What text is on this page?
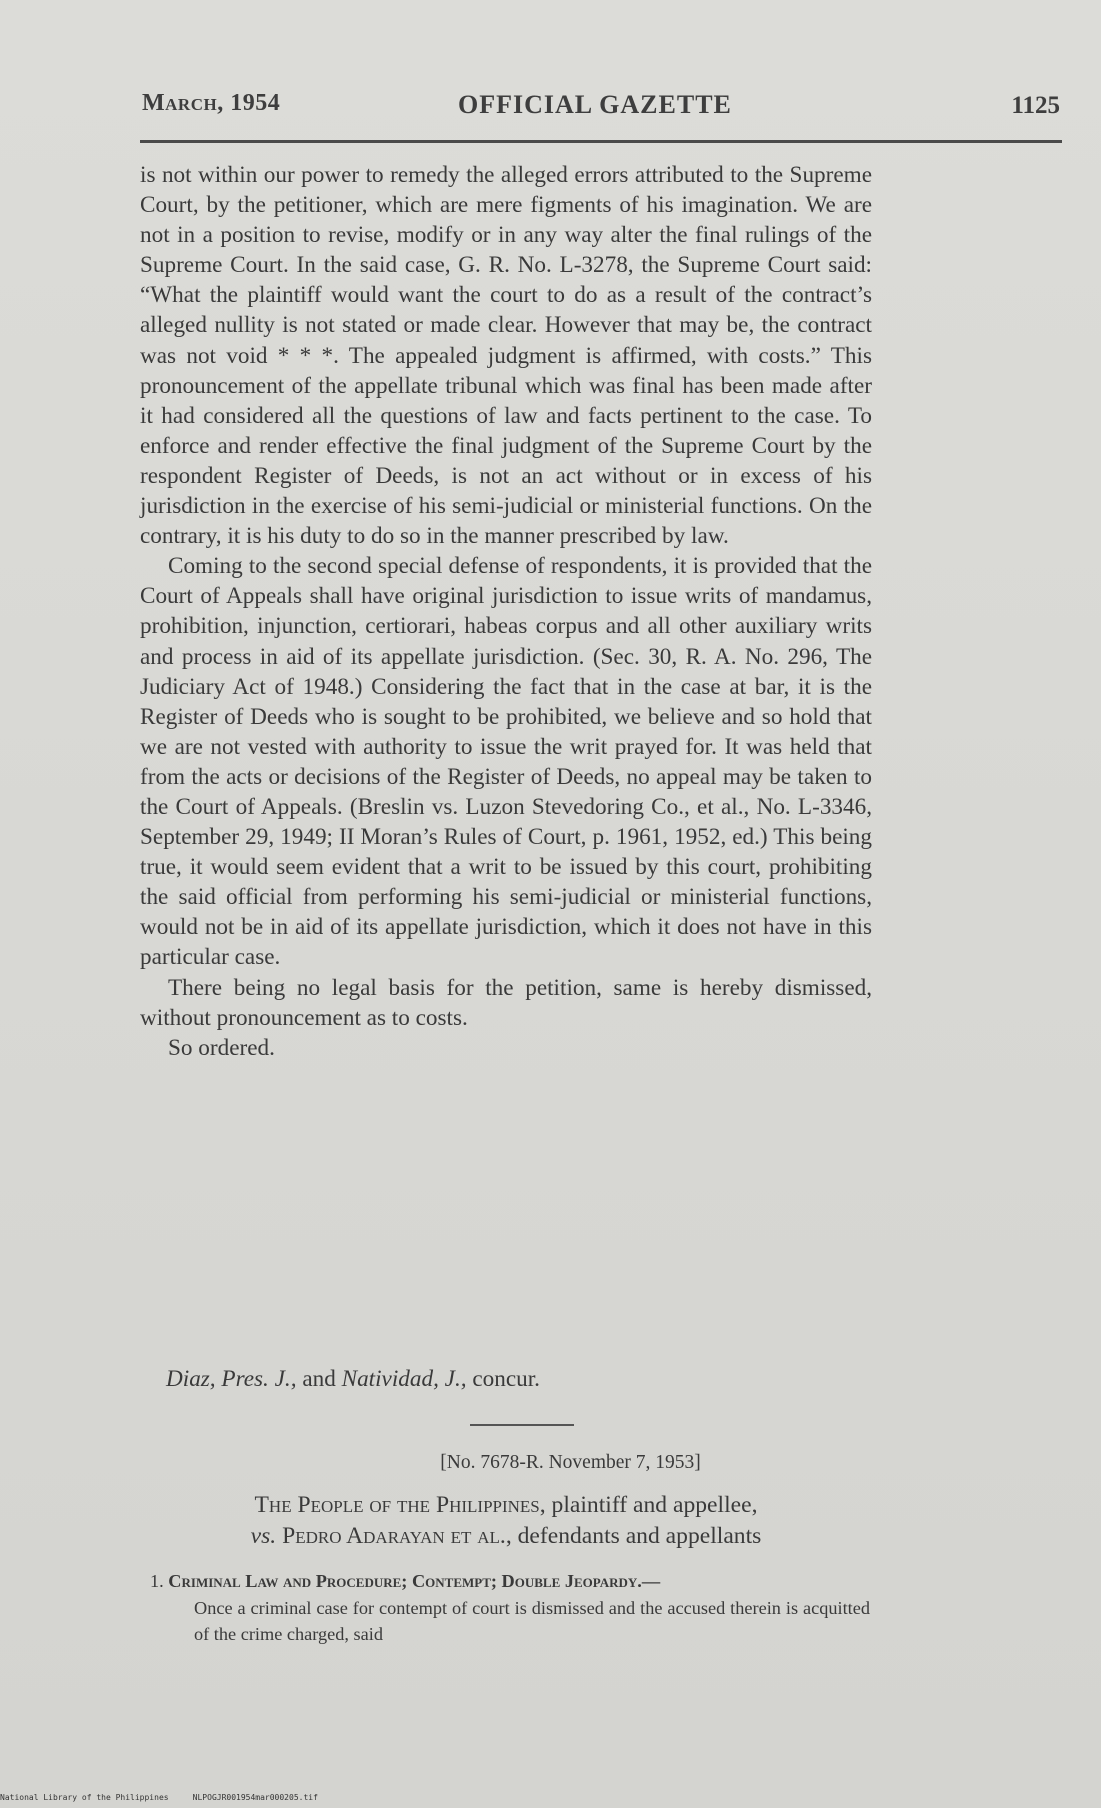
March, 1954	OFFICIAL GAZETTE	1125

is not within our power to remedy the alleged errors attributed to the Supreme Court, by the petitioner, which are mere figments of his imagination. We are not in a position to revise, modify or in any way alter the final rulings of the Supreme Court. In the said case, G. R. No. L-3278, the Supreme Court said: “What the plaintiff would want the court to do as a result of the contract’s alleged nullity is not stated or made clear. However that may be, the contract was not void * * *. The appealed judgment is affirmed, with costs.” This pronouncement of the appellate tribunal which was final has been made after it had considered all the questions of law and facts pertinent to the case. To enforce and render effective the final judgment of the Supreme Court by the respondent Register of Deeds, is not an act without or in excess of his jurisdiction in the exercise of his semi-judicial or ministerial functions. On the contrary, it is his duty to do so in the manner prescribed by law.

Coming to the second special defense of respondents, it is provided that the Court of Appeals shall have original jurisdiction to issue writs of mandamus, prohibition, injunction, certiorari, habeas corpus and all other auxiliary writs and process in aid of its appellate jurisdiction. (Sec. 30, R. A. No. 296, The Judiciary Act of 1948.) Considering the fact that in the case at bar, it is the Register of Deeds who is sought to be prohibited, we believe and so hold that we are not vested with authority to issue the writ prayed for. It was held that from the acts or decisions of the Register of Deeds, no appeal may be taken to the Court of Appeals. (Breslin vs. Luzon Stevedoring Co., et al., No. L-3346, September 29, 1949; II Moran’s Rules of Court, p. 1961, 1952, ed.) This being true, it would seem evident that a writ to be issued by this court, prohibiting the said official from performing his semi-judicial or ministerial functions, would not be in aid of its appellate jurisdiction, which it does not have in this particular case.

There being no legal basis for the petition, same is hereby dismissed, without pronouncement as to costs.

So ordered.

Diaz, Pres. J., and Natividad, J., concur.
[No. 7678-R. November 7, 1953]
The People of the Philippines, plaintiff and appellee,
vs. Pedro Adarayan et al., defendants and appellants
1. Criminal Law and Procedure; Contempt; Double Jeopardy.—
Once a criminal case for contempt of court is dismissed and the accused therein is acquitted of the crime charged, said
National Library of the Philippines	NLPOGJR001954mar000205.tif
